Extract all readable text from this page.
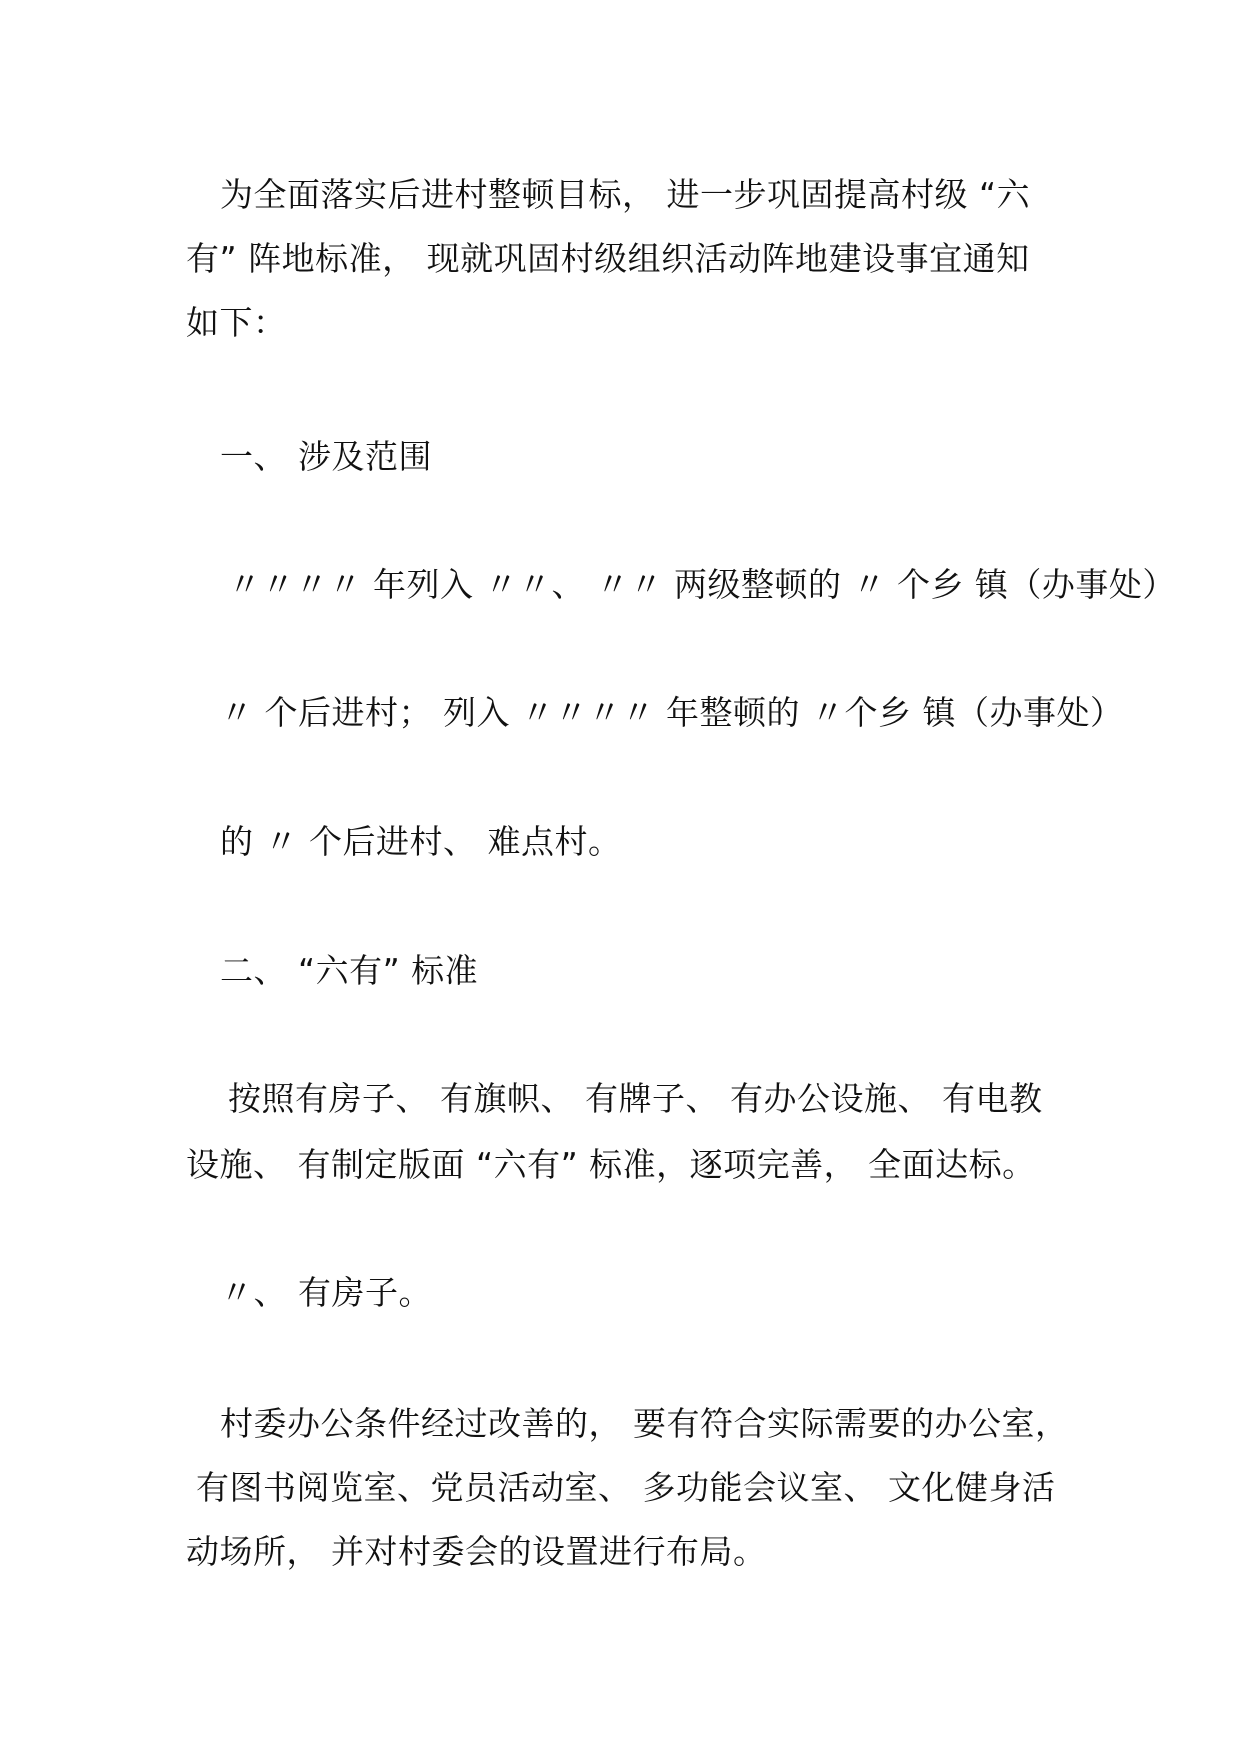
为全面落实后进村整顿目标， 进一步巩固提高村级 “六
有” 阵地标准， 现就巩固村级组织活动阵地建设事宜通知
如下：
一、 涉及范围
〃〃〃〃 年列入 〃〃、 〃〃 两级整顿的 〃 个乡 镇（办事处）
〃 个后进村； 列入 〃〃〃〃 年整顿的 〃个乡 镇（办事处）
的 〃 个后进村、 难点村。
二、 “六有” 标准
按照有房子、 有旗帜、 有牌子、 有办公设施、 有电教
设施、 有制定版面 “六有” 标准，逐项完善， 全面达标。
〃、 有房子。
村委办公条件经过改善的， 要有符合实际需要的办公室，
有图书阅览室、党员活动室、 多功能会议室、 文化健身活
动场所， 并对村委会的设置进行布局。
